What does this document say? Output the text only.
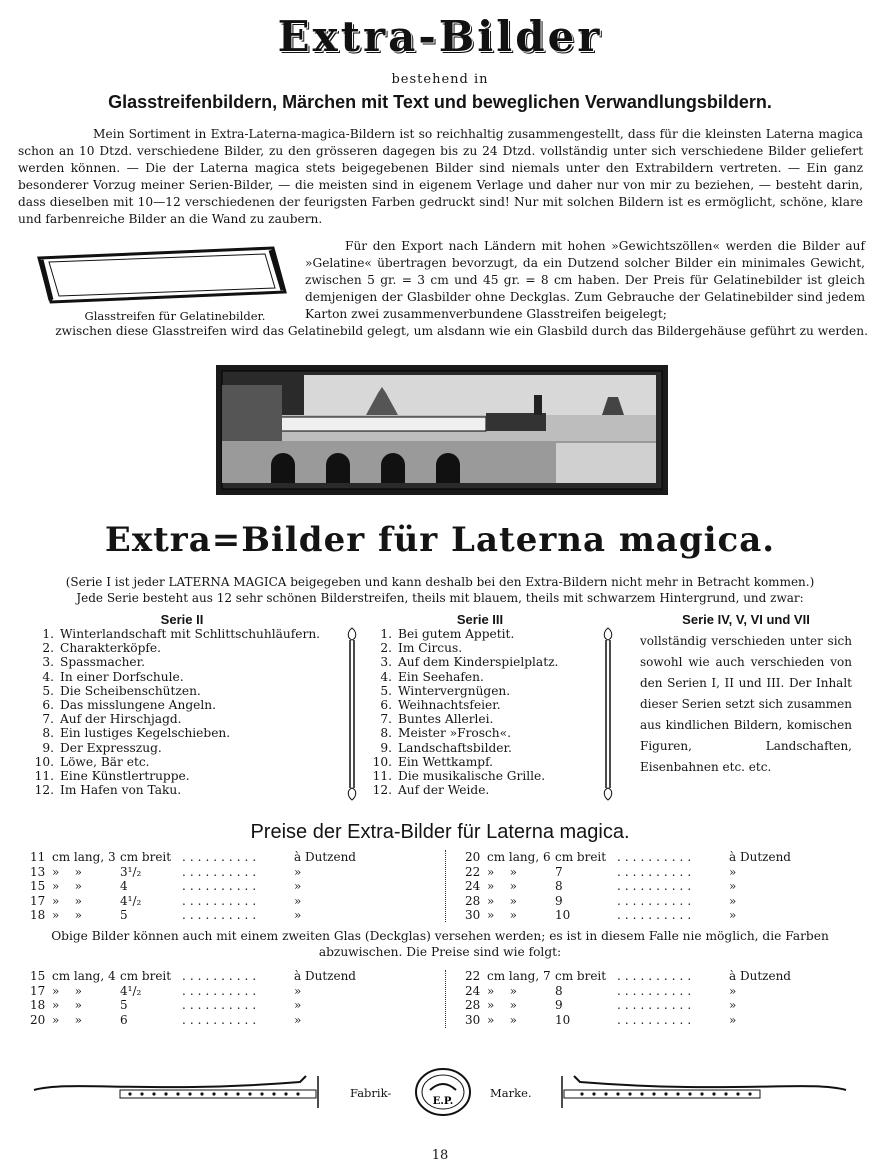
Extra-Bilder
bestehend in
Glasstreifenbildern, Märchen mit Text und beweglichen Verwandlungsbildern.
Mein Sortiment in Extra-Laterna-magica-Bildern ist so reichhaltig zusammengestellt, dass für die kleinsten Laterna magica schon an 10 Dtzd. verschiedene Bilder, zu den grösseren dagegen bis zu 24 Dtzd. vollständig unter sich verschiedene Bilder geliefert werden können. — Die der Laterna magica stets beigegebenen Bilder sind niemals unter den Extrabildern vertreten. — Ein ganz besonderer Vorzug meiner Serien-Bilder, — die meisten sind in eigenem Verlage und daher nur von mir zu beziehen, — besteht darin, dass dieselben mit 10—12 verschiedenen der feurigsten Farben gedruckt sind! Nur mit solchen Bildern ist es ermöglicht, schöne, klare und farbenreiche Bilder an die Wand zu zaubern.
Glasstreifen für Gelatinebilder.
Für den Export nach Ländern mit hohen »Gewichtszöllen« werden die Bilder auf »Gelatine« übertragen bevorzugt, da ein Dutzend solcher Bilder ein minimales Gewicht, zwischen 5 gr. = 3 cm und 45 gr. = 8 cm haben. Der Preis für Gelatinebilder ist gleich demjenigen der Glasbilder ohne Deckglas. Zum Gebrauche der Gelatinebilder sind jedem Karton zwei zusammenverbundene Glasstreifen beigelegt;
zwischen diese Glasstreifen wird das Gelatinebild gelegt, um alsdann wie ein Glasbild durch das Bildergehäuse geführt zu werden.
Extra=Bilder für Laterna magica.
(Serie I ist jeder LATERNA MAGICA beigegeben und kann deshalb bei den Extra-Bildern nicht mehr in Betracht kommen.)
Jede Serie besteht aus 12 sehr schönen Bilderstreifen, theils mit blauem, theils mit schwarzem Hintergrund, und zwar:
Serie II
1. Winterlandschaft mit Schlittschuhläufern.
2. Charakterköpfe.
3. Spassmacher.
4. In einer Dorfschule.
5. Die Scheibenschützen.
6. Das misslungene Angeln.
7. Auf der Hirschjagd.
8. Ein lustiges Kegelschieben.
9. Der Expresszug.
10. Löwe, Bär etc.
11. Eine Künstlertruppe.
12. Im Hafen von Taku.
Serie III
1. Bei gutem Appetit.
2. Im Circus.
3. Auf dem Kinderspielplatz.
4. Ein Seehafen.
5. Wintervergnügen.
6. Weihnachtsfeier.
7. Buntes Allerlei.
8. Meister »Frosch«.
9. Landschaftsbilder.
10. Ein Wettkampf.
11. Die musikalische Grille.
12. Auf der Weide.
Serie IV, V, VI und VII
vollständig verschieden unter sich sowohl wie auch verschieden von den Serien I, II und III. Der Inhalt dieser Serien setzt sich zusammen aus kindlichen Bildern, komischen Figuren, Landschaften, Eisenbahnen etc. etc.
Preise der Extra-Bilder für Laterna magica.
11 cm lang, 3 cm breit ..........	à Dutzend
13 »    »	3¹/₂	..........	»
15 »    »	4	..........	»
17 »    »	4¹/₂	..........	»
18 »    »	5	..........	»
20 cm lang, 6 cm breit ..........	à Dutzend
22 »    »	7	..........	»
24 »    »	8	..........	»
28 »    »	9	..........	»
30 »    »	10	..........	»
Obige Bilder können auch mit einem zweiten Glas (Deckglas) versehen werden; es ist in diesem Falle nie möglich, die Farben abzuwischen. Die Preise sind wie folgt:
15 cm lang, 4 cm breit ..........	à Dutzend
17 »    »	4¹/₂	..........	»
18 »    »	5	..........	»
20 »    »	6	..........	»
22 cm lang, 7 cm breit ..........	à Dutzend
24 »    »	8	..........	»
28 »    »	9	..........	»
30 »    »	10	..........	»
Fabrik-
E.P.
Marke.
18
